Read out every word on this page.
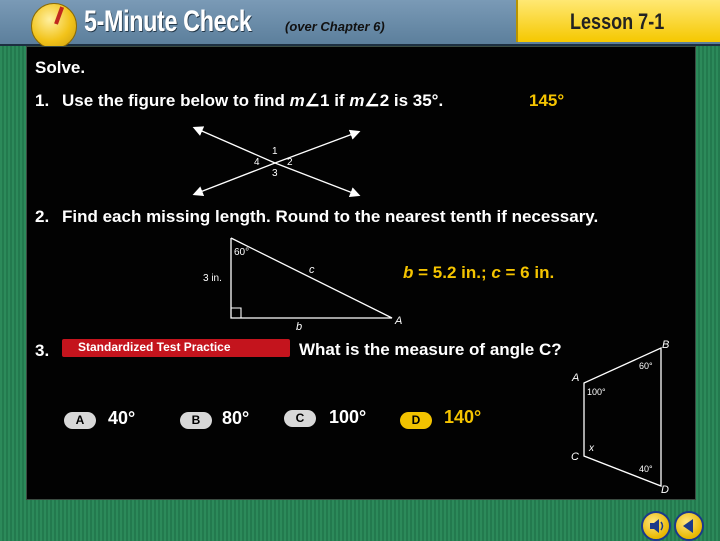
5-Minute Check	(over Chapter 6)	Lesson 7-1
Solve.
1. Use the figure below to find m∠1 if m∠2 is 35°.	145°
1
2
3
4
2. Find each missing length. Round to the nearest tenth if necessary.
60°
3 in.
c
b	A
b = 5.2 in.; c = 6 in.
3. Standardized Test Practice	What is the measure of angle C?
A	40°	B	80°	C	100°	D	140°
B
A
C
D
100°
60°
40°
x
